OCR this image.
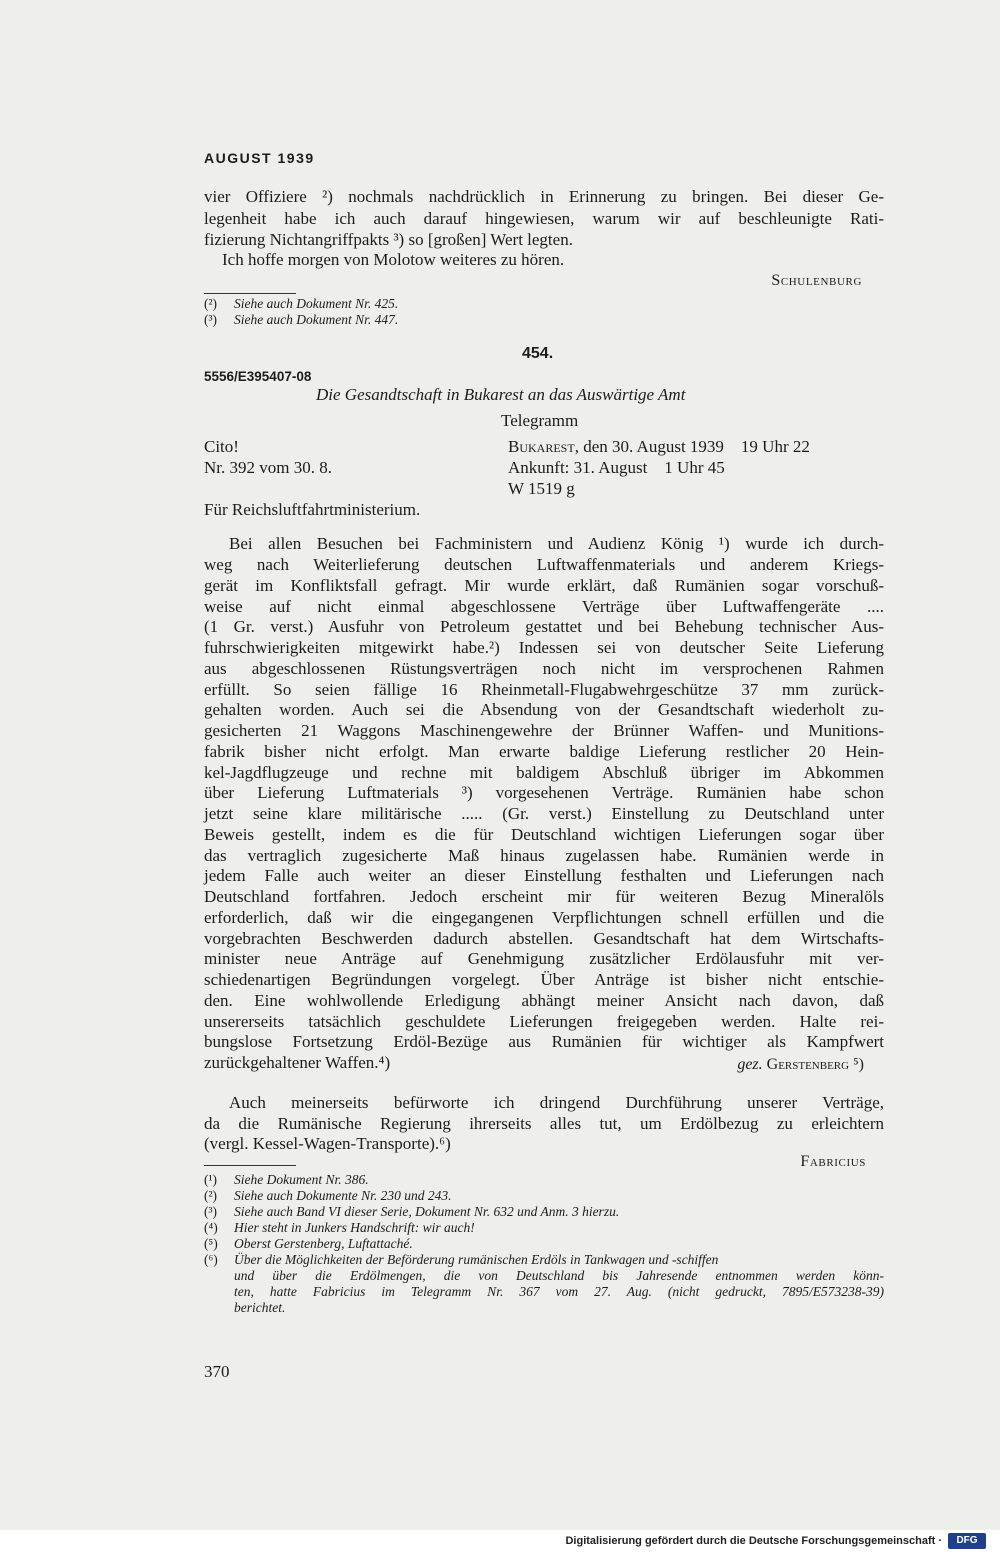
AUGUST 1939
vier Offiziere ²) nochmals nachdrücklich in Erinnerung zu bringen. Bei dieser Ge-
legenheit habe ich auch darauf hingewiesen, warum wir auf beschleunigte Rati-
fizierung Nichtangriffpakts ³) so [großen] Wert legten.
Ich hoffe morgen von Molotow weiteres zu hören.
Schulenburg
(²) Siehe auch Dokument Nr. 425.
(³) Siehe auch Dokument Nr. 447.
454.
5556/E395407-08
Die Gesandtschaft in Bukarest an das Auswärtige Amt
Telegramm
Cito!
Nr. 392 vom 30. 8.
Bukarest, den 30. August 1939    19 Uhr 22
Ankunft: 31. August    1 Uhr 45
W 1519 g
Für Reichsluftfahrtministerium.
Bei allen Besuchen bei Fachministern und Audienz König ¹) wurde ich durch-
weg nach Weiterlieferung deutschen Luftwaffenmaterials und anderem Kriegs-
gerät im Konfliktsfall gefragt. Mir wurde erklärt, daß Rumänien sogar vorschuß-
weise auf nicht einmal abgeschlossene Verträge über Luftwaffengeräte ....
(1 Gr. verst.) Ausfuhr von Petroleum gestattet und bei Behebung technischer Aus-
fuhrschwierigkeiten mitgewirkt habe.²) Indessen sei von deutscher Seite Lieferung
aus abgeschlossenen Rüstungsverträgen noch nicht im versprochenen Rahmen
erfüllt. So seien fällige 16 Rheinmetall-Flugabwehrgeschütze 37 mm zurück-
gehalten worden. Auch sei die Absendung von der Gesandtschaft wiederholt zu-
gesicherten 21 Waggons Maschinengewehre der Brünner Waffen- und Munitions-
fabrik bisher nicht erfolgt. Man erwarte baldige Lieferung restlicher 20 Hein-
kel-Jagdflugzeuge und rechne mit baldigem Abschluß übriger im Abkommen
über Lieferung Luftmaterials ³) vorgesehenen Verträge. Rumänien habe schon
jetzt seine klare militärische ..... (Gr. verst.) Einstellung zu Deutschland unter
Beweis gestellt, indem es die für Deutschland wichtigen Lieferungen sogar über
das vertraglich zugesicherte Maß hinaus zugelassen habe. Rumänien werde in
jedem Falle auch weiter an dieser Einstellung festhalten und Lieferungen nach
Deutschland fortfahren. Jedoch erscheint mir für weiteren Bezug Mineralöls
erforderlich, daß wir die eingegangenen Verpflichtungen schnell erfüllen und die
vorgebrachten Beschwerden dadurch abstellen. Gesandtschaft hat dem Wirtschafts-
minister neue Anträge auf Genehmigung zusätzlicher Erdölausfuhr mit ver-
schiedenartigen Begründungen vorgelegt. Über Anträge ist bisher nicht entschie-
den. Eine wohlwollende Erledigung abhängt meiner Ansicht nach davon, daß
unsererseits tatsächlich geschuldete Lieferungen freigegeben werden. Halte rei-
bungslose Fortsetzung Erdöl-Bezüge aus Rumänien für wichtiger als Kampfwert
zurückgehaltener Waffen.⁴)	gez. Gerstenberg ⁵)
Auch meinerseits befürworte ich dringend Durchführung unserer Verträge,
da die Rumänische Regierung ihrerseits alles tut, um Erdölbezug zu erleichtern
(vergl. Kessel-Wagen-Transporte).⁶)
Fabricius
(¹) Siehe Dokument Nr. 386.
(²) Siehe auch Dokumente Nr. 230 und 243.
(³) Siehe auch Band VI dieser Serie, Dokument Nr. 632 und Anm. 3 hierzu.
(⁴) Hier steht in Junkers Handschrift: wir auch!
(⁵) Oberst Gerstenberg, Luftattaché.
(⁶) Über die Möglichkeiten der Beförderung rumänischen Erdöls in Tankwagen und -schiffen
und über die Erdölmengen, die von Deutschland bis Jahresende entnommen werden könn-
ten, hatte Fabricius im Telegramm Nr. 367 vom 27. Aug. (nicht gedruckt, 7895/E573238-39)
berichtet.
370
Digitalisierung gefördert durch die Deutsche Forschungsgemeinschaft ·	DFG
